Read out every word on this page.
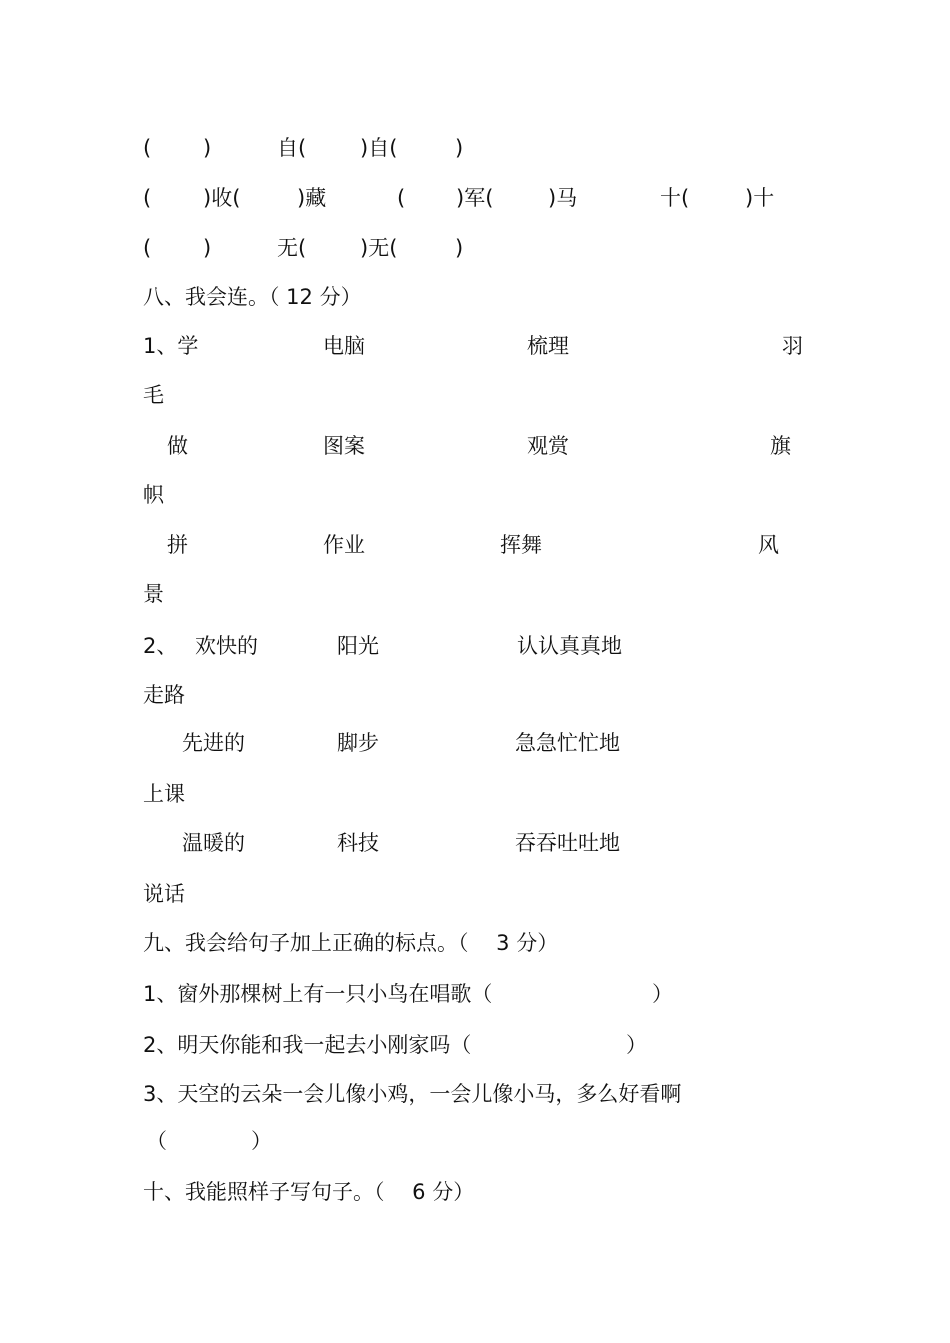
( )	自(	)自(	)
( )收(	)藏	( )军(	)马	十(	)十
( )	无(	)无(	)
八、我会连。（ 12 分）
1、学	电脑	梳理	羽
毛
做	图案	观赏	旗
帜
拼	作业	挥舞	风
景
2、 欢快的	阳光	认认真真地
走路
先进的	脚步	急急忙忙地
上课
温暖的	科技	吞吞吐吐地
说话
九、我会给句子加上正确的标点。（　 3 分）
1、窗外那棵树上有一只小鸟在唱歌（	）
2、明天你能和我一起去小刚家吗（	）
3、天空的云朵一会儿像小鸡，一会儿像小马，多么好看啊
（　　　　）
十、我能照样子写句子。（　 6 分）
